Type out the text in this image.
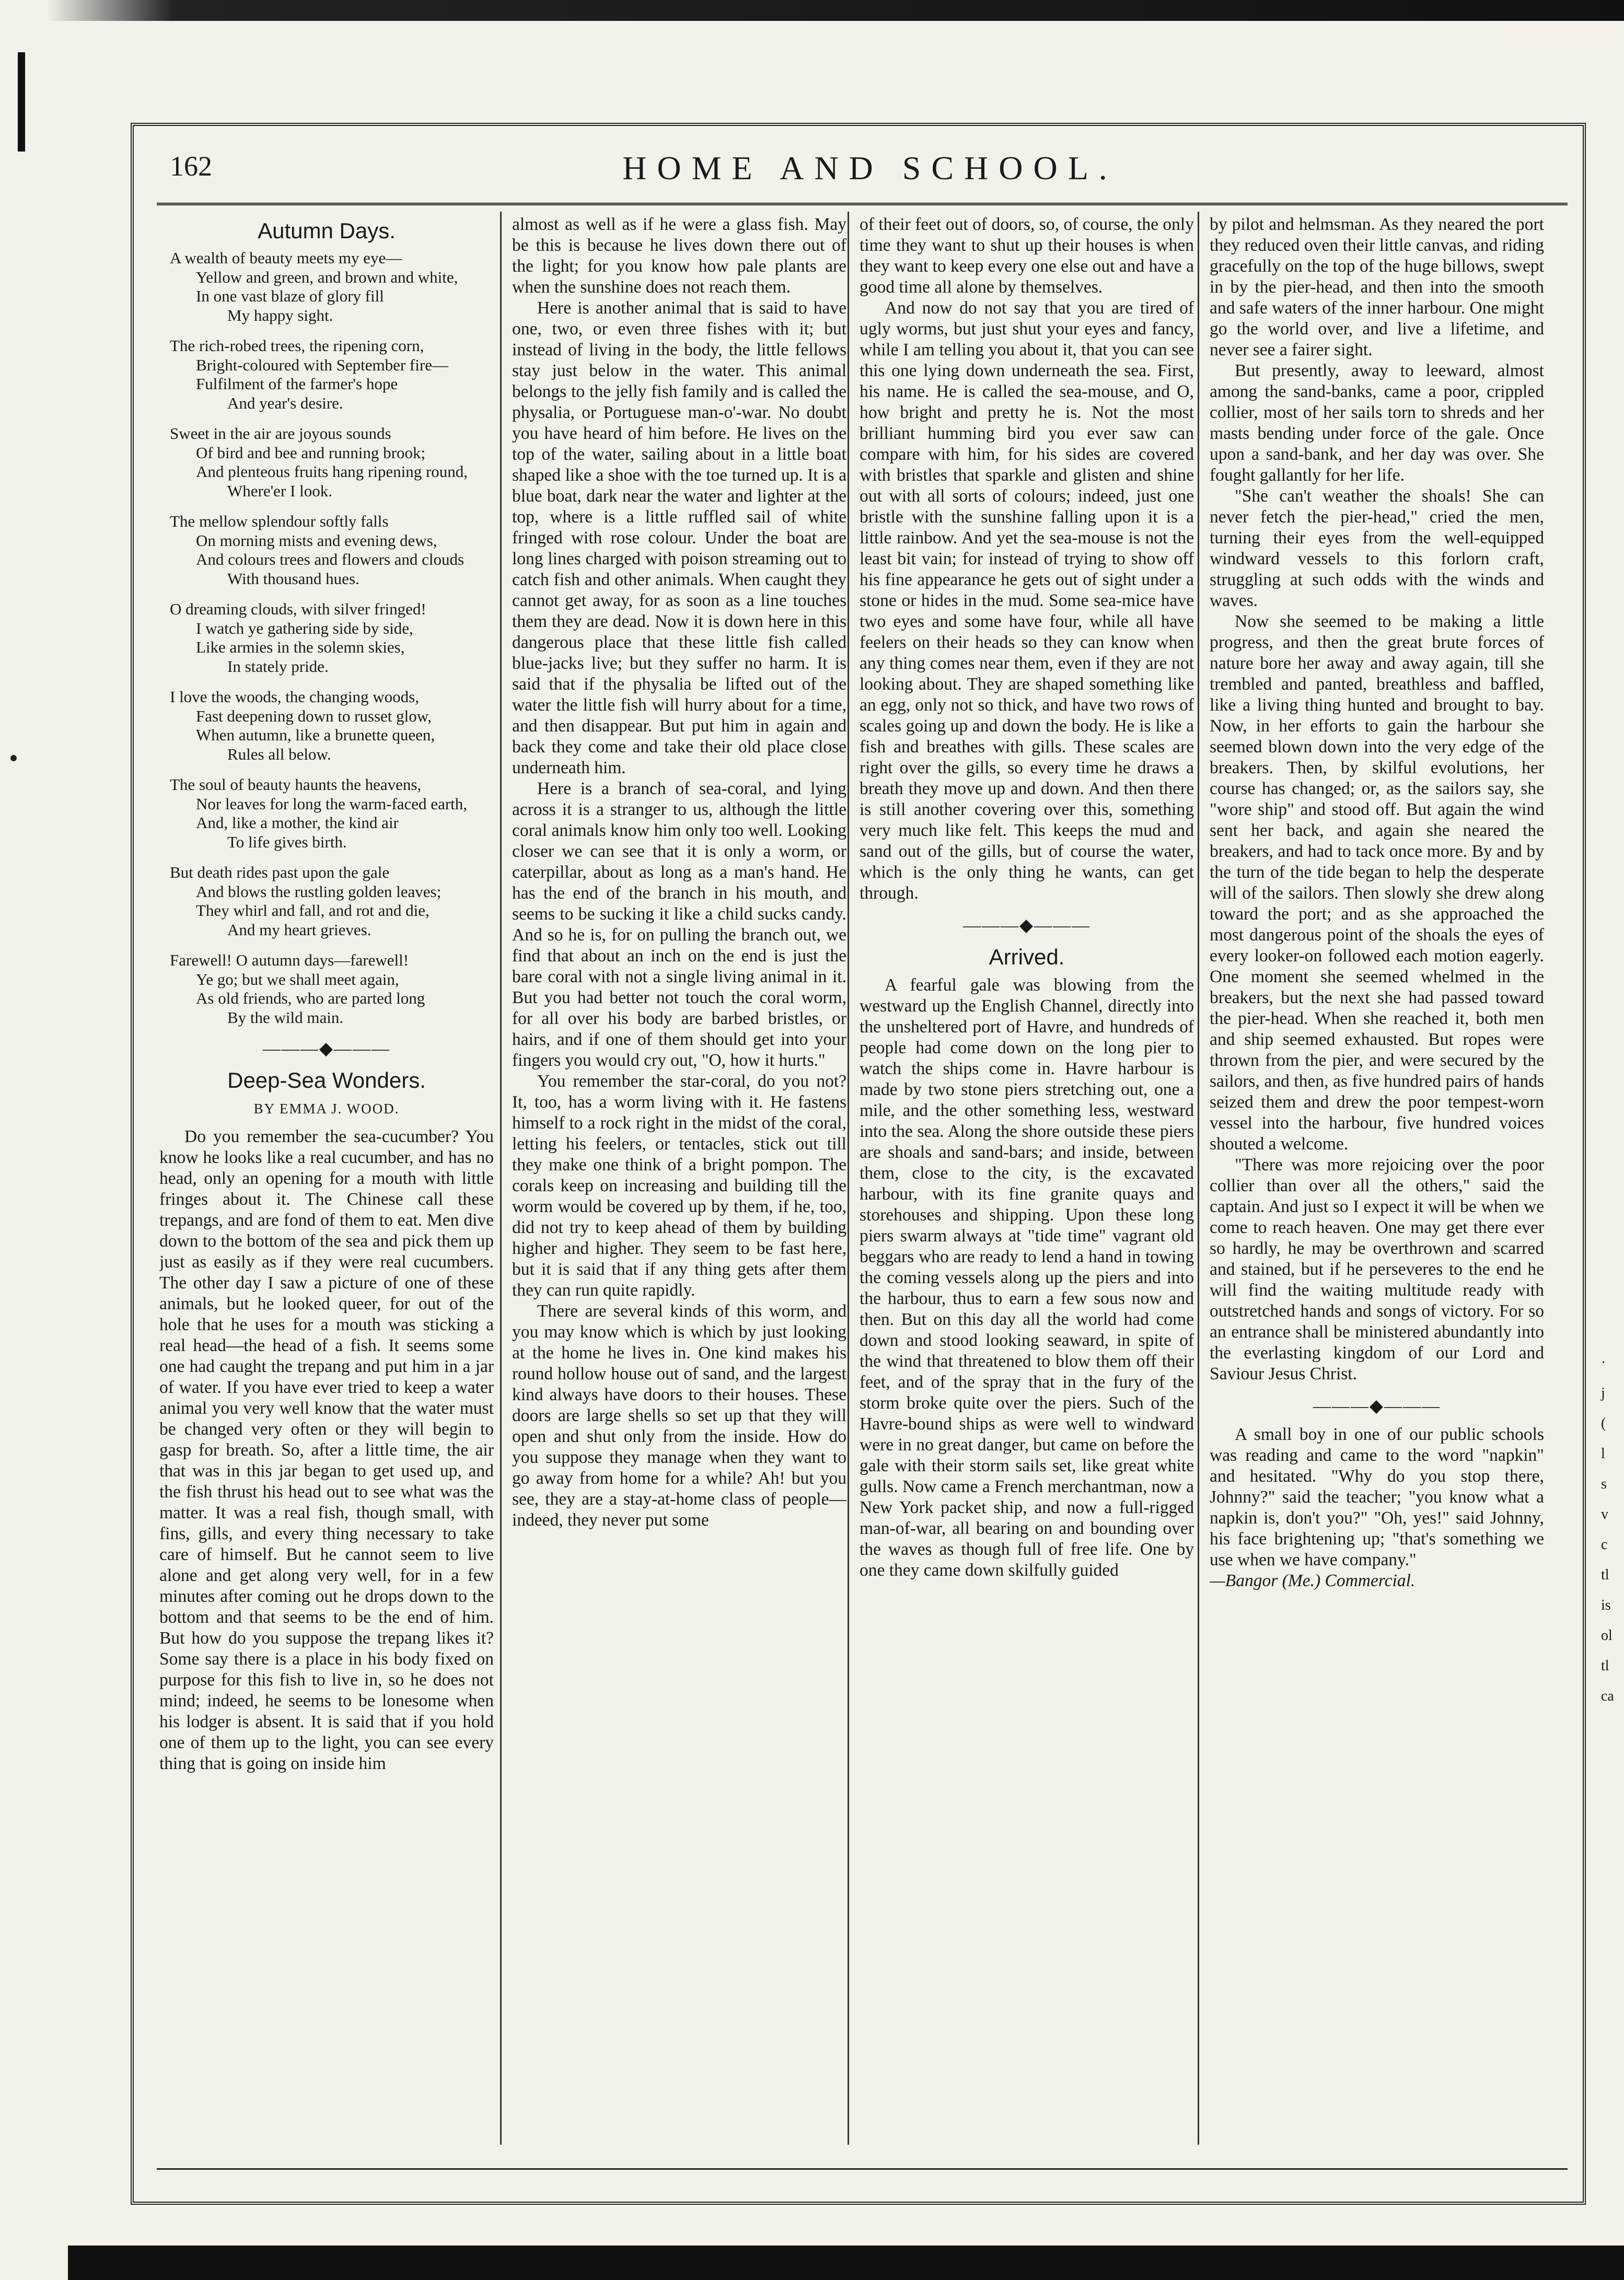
162	HOME AND SCHOOL.
Autumn Days.
A wealth of beauty meets my eye—
Yellow and green, and brown and white,
In one vast blaze of glory fill
My happy sight.
The rich-robed trees, the ripening corn,
Bright-coloured with September fire—
Fulfilment of the farmer's hope
And year's desire.
Sweet in the air are joyous sounds
Of bird and bee and running brook;
And plenteous fruits hang ripening round,
Where'er I look.
The mellow splendour softly falls
On morning mists and evening dews,
And colours trees and flowers and clouds
With thousand hues.
O dreaming clouds, with silver fringed!
I watch ye gathering side by side,
Like armies in the solemn skies,
In stately pride.
I love the woods, the changing woods,
Fast deepening down to russet glow,
When autumn, like a brunette queen,
Rules all below.
The soul of beauty haunts the heavens,
Nor leaves for long the warm-faced earth,
And, like a mother, the kind air
To life gives birth.
But death rides past upon the gale
And blows the rustling golden leaves;
They whirl and fall, and rot and die,
And my heart grieves.
Farewell! O autumn days—farewell!
Ye go; but we shall meet again,
As old friends, who are parted long
By the wild main.
———◆———
Deep-Sea Wonders.
BY EMMA J. WOOD.

Do you remember the sea-cucumber? You know he looks like a real cucumber, and has no head, only an opening for a mouth with little fringes about it. The Chinese call these trepangs, and are fond of them to eat. Men dive down to the bottom of the sea and pick them up just as easily as if they were real cucumbers. The other day I saw a picture of one of these animals, but he looked queer, for out of the hole that he uses for a mouth was sticking a real head—the head of a fish. It seems some one had caught the trepang and put him in a jar of water. If you have ever tried to keep a water animal you very well know that the water must be changed very often or they will begin to gasp for breath. So, after a little time, the air that was in this jar began to get used up, and the fish thrust his head out to see what was the matter. It was a real fish, though small, with fins, gills, and every thing necessary to take care of himself. But he cannot seem to live alone and get along very well, for in a few minutes after coming out he drops down to the bottom and that seems to be the end of him. But how do you suppose the trepang likes it? Some say there is a place in his body fixed on purpose for this fish to live in, so he does not mind; indeed, he seems to be lonesome when his lodger is absent. It is said that if you hold one of them up to the light, you can see every thing that is going on inside him

almost as well as if he were a glass fish. May be this is because he lives down there out of the light; for you know how pale plants are when the sunshine does not reach them.

Here is another animal that is said to have one, two, or even three fishes with it; but instead of living in the body, the little fellows stay just below in the water. This animal belongs to the jelly fish family and is called the physalia, or Portuguese man-o'-war. No doubt you have heard of him before. He lives on the top of the water, sailing about in a little boat shaped like a shoe with the toe turned up. It is a blue boat, dark near the water and lighter at the top, where is a little ruffled sail of white fringed with rose colour. Under the boat are long lines charged with poison streaming out to catch fish and other animals. When caught they cannot get away, for as soon as a line touches them they are dead. Now it is down here in this dangerous place that these little fish called blue-jacks live; but they suffer no harm. It is said that if the physalia be lifted out of the water the little fish will hurry about for a time, and then disappear. But put him in again and back they come and take their old place close underneath him.

Here is a branch of sea-coral, and lying across it is a stranger to us, although the little coral animals know him only too well. Looking closer we can see that it is only a worm, or caterpillar, about as long as a man's hand. He has the end of the branch in his mouth, and seems to be sucking it like a child sucks candy. And so he is, for on pulling the branch out, we find that about an inch on the end is just the bare coral with not a single living animal in it. But you had better not touch the coral worm, for all over his body are barbed bristles, or hairs, and if one of them should get into your fingers you would cry out, "O, how it hurts."

You remember the star-coral, do you not? It, too, has a worm living with it. He fastens himself to a rock right in the midst of the coral, letting his feelers, or tentacles, stick out till they make one think of a bright pompon. The corals keep on increasing and building till the worm would be covered up by them, if he, too, did not try to keep ahead of them by building higher and higher. They seem to be fast here, but it is said that if any thing gets after them they can run quite rapidly.

There are several kinds of this worm, and you may know which is which by just looking at the home he lives in. One kind makes his round hollow house out of sand, and the largest kind always have doors to their houses. These doors are large shells so set up that they will open and shut only from the inside. How do you suppose they manage when they want to go away from home for a while? Ah! but you see, they are a stay-at-home class of people—indeed, they never put some

of their feet out of doors, so, of course, the only time they want to shut up their houses is when they want to keep every one else out and have a good time all alone by themselves.

And now do not say that you are tired of ugly worms, but just shut your eyes and fancy, while I am telling you about it, that you can see this one lying down underneath the sea. First, his name. He is called the sea-mouse, and O, how bright and pretty he is. Not the most brilliant humming bird you ever saw can compare with him, for his sides are covered with bristles that sparkle and glisten and shine out with all sorts of colours; indeed, just one bristle with the sunshine falling upon it is a little rainbow. And yet the sea-mouse is not the least bit vain; for instead of trying to show off his fine appearance he gets out of sight under a stone or hides in the mud. Some sea-mice have two eyes and some have four, while all have feelers on their heads so they can know when any thing comes near them, even if they are not looking about. They are shaped something like an egg, only not so thick, and have two rows of scales going up and down the body. He is like a fish and breathes with gills. These scales are right over the gills, so every time he draws a breath they move up and down. And then there is still another covering over this, something very much like felt. This keeps the mud and sand out of the gills, but of course the water, which is the only thing he wants, can get through.

———◆———
Arrived.

A fearful gale was blowing from the westward up the English Channel, directly into the unsheltered port of Havre, and hundreds of people had come down on the long pier to watch the ships come in. Havre harbour is made by two stone piers stretching out, one a mile, and the other something less, westward into the sea. Along the shore outside these piers are shoals and sand-bars; and inside, between them, close to the city, is the excavated harbour, with its fine granite quays and storehouses and shipping. Upon these long piers swarm always at "tide time" vagrant old beggars who are ready to lend a hand in towing the coming vessels along up the piers and into the harbour, thus to earn a few sous now and then. But on this day all the world had come down and stood looking seaward, in spite of the wind that threatened to blow them off their feet, and of the spray that in the fury of the storm broke quite over the piers. Such of the Havre-bound ships as were well to windward were in no great danger, but came on before the gale with their storm sails set, like great white gulls. Now came a French merchantman, now a New York packet ship, and now a full-rigged man-of-war, all bearing on and bounding over the waves as though full of free life. One by one they came down skilfully guided

by pilot and helmsman. As they neared the port they reduced oven their little canvas, and riding gracefully on the top of the huge billows, swept in by the pier-head, and then into the smooth and safe waters of the inner harbour. One might go the world over, and live a lifetime, and never see a fairer sight.

But presently, away to leeward, almost among the sand-banks, came a poor, crippled collier, most of her sails torn to shreds and her masts bending under force of the gale. Once upon a sand-bank, and her day was over. She fought gallantly for her life.

"She can't weather the shoals! She can never fetch the pier-head," cried the men, turning their eyes from the well-equipped windward vessels to this forlorn craft, struggling at such odds with the winds and waves.

Now she seemed to be making a little progress, and then the great brute forces of nature bore her away and away again, till she trembled and panted, breathless and baffled, like a living thing hunted and brought to bay. Now, in her efforts to gain the harbour she seemed blown down into the very edge of the breakers. Then, by skilful evolutions, her course has changed; or, as the sailors say, she "wore ship" and stood off. But again the wind sent her back, and again she neared the breakers, and had to tack once more. By and by the turn of the tide began to help the desperate will of the sailors. Then slowly she drew along toward the port; and as she approached the most dangerous point of the shoals the eyes of every looker-on followed each motion eagerly. One moment she seemed whelmed in the breakers, but the next she had passed toward the pier-head. When she reached it, both men and ship seemed exhausted. But ropes were thrown from the pier, and were secured by the sailors, and then, as five hundred pairs of hands seized them and drew the poor tempest-worn vessel into the harbour, five hundred voices shouted a welcome.

"There was more rejoicing over the poor collier than over all the others," said the captain. And just so I expect it will be when we come to reach heaven. One may get there ever so hardly, he may be overthrown and scarred and stained, but if he perseveres to the end he will find the waiting multitude ready with outstretched hands and songs of victory. For so an entrance shall be ministered abundantly into the everlasting kingdom of our Lord and Saviour Jesus Christ.

———◆———

A small boy in one of our public schools was reading and came to the word "napkin" and hesitated. "Why do you stop there, Johnny?" said the teacher; "you know what a napkin is, don't you?" "Oh, yes!" said Johnny, his face brightening up; "that's something we use when we have company."

—Bangor (Me.) Commercial.

·
j
(
l
s
v
c
tl
is
ol
tl
ca
